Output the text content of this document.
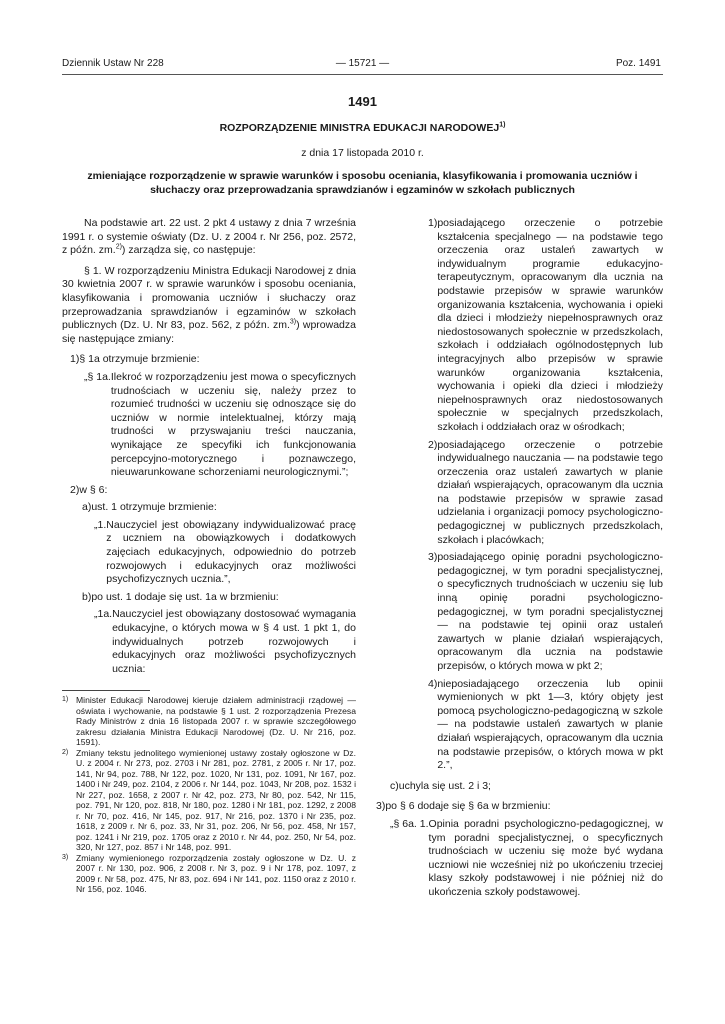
Dziennik Ustaw Nr 228	— 15721 —	Poz. 1491
1491
ROZPORZĄDZENIE MINISTRA EDUKACJI NARODOWEJ$^{1)}$
z dnia 17 listopada 2010 r.
zmieniające rozporządzenie w sprawie warunków i sposobu oceniania, klasyfikowania i promowania uczniów i słuchaczy oraz przeprowadzania sprawdzianów i egzaminów w szkołach publicznych

Na podstawie art. 22 ust. 2 pkt 4 ustawy z dnia 7 września 1991 r. o systemie oświaty (Dz. U. z 2004 r. Nr 256, poz. 2572, z późn. zm.$^{2)}$) zarządza się, co następuje:

§ 1. W rozporządzeniu Ministra Edukacji Narodowej z dnia 30 kwietnia 2007 r. w sprawie warunków i sposobu oceniania, klasyfikowania i promowania uczniów i słuchaczy oraz przeprowadzania sprawdzianów i egzaminów w szkołach publicznych (Dz. U. Nr 83, poz. 562, z późn. zm.$^{3)}$) wprowadza się następujące zmiany:

1) § 1a otrzymuje brzmienie:
„§ 1a. Ilekroć w rozporządzeniu jest mowa o specyficznych trudnościach w uczeniu się, należy przez to rozumieć trudności w uczeniu się odnoszące się do uczniów w normie intelektualnej, którzy mają trudności w przyswajaniu treści nauczania, wynikające ze specyfiki ich funkcjonowania percepcyjno-motorycznego i poznawczego, nieuwarunkowane schorzeniami neurologicznymi.”;
2) w § 6:
a) ust. 1 otrzymuje brzmienie:
„1. Nauczyciel jest obowiązany indywidualizować pracę z uczniem na obowiązkowych i dodatkowych zajęciach edukacyjnych, odpowiednio do potrzeb rozwojowych i edukacyjnych oraz możliwości psychofizycznych ucznia.”,
b) po ust. 1 dodaje się ust. 1a w brzmieniu:
„1a. Nauczyciel jest obowiązany dostosować wymagania edukacyjne, o których mowa w § 4 ust. 1 pkt 1, do indywidualnych potrzeb rozwojowych i edukacyjnych oraz możliwości psychofizycznych ucznia:
1) Minister Edukacji Narodowej kieruje działem administracji rządowej — oświata i wychowanie, na podstawie § 1 ust. 2 rozporządzenia Prezesa Rady Ministrów z dnia 16 listopada 2007 r. w sprawie szczegółowego zakresu działania Ministra Edukacji Narodowej (Dz. U. Nr 216, poz. 1591).
2) Zmiany tekstu jednolitego wymienionej ustawy zostały ogłoszone w Dz. U. z 2004 r. Nr 273, poz. 2703 i Nr 281, poz. 2781, z 2005 r. Nr 17, poz. 141, Nr 94, poz. 788, Nr 122, poz. 1020, Nr 131, poz. 1091, Nr 167, poz. 1400 i Nr 249, poz. 2104, z 2006 r. Nr 144, poz. 1043, Nr 208, poz. 1532 i Nr 227, poz. 1658, z 2007 r. Nr 42, poz. 273, Nr 80, poz. 542, Nr 115, poz. 791, Nr 120, poz. 818, Nr 180, poz. 1280 i Nr 181, poz. 1292, z 2008 r. Nr 70, poz. 416, Nr 145, poz. 917, Nr 216, poz. 1370 i Nr 235, poz. 1618, z 2009 r. Nr 6, poz. 33, Nr 31, poz. 206, Nr 56, poz. 458, Nr 157, poz. 1241 i Nr 219, poz. 1705 oraz z 2010 r. Nr 44, poz. 250, Nr 54, poz. 320, Nr 127, poz. 857 i Nr 148, poz. 991.
3) Zmiany wymienionego rozporządzenia zostały ogłoszone w Dz. U. z 2007 r. Nr 130, poz. 906, z 2008 r. Nr 3, poz. 9 i Nr 178, poz. 1097, z 2009 r. Nr 58, poz. 475, Nr 83, poz. 694 i Nr 141, poz. 1150 oraz z 2010 r. Nr 156, poz. 1046.
1) posiadającego orzeczenie o potrzebie kształcenia specjalnego — na podstawie tego orzeczenia oraz ustaleń zawartych w indywidualnym programie edukacyjno-terapeutycznym, opracowanym dla ucznia na podstawie przepisów w sprawie warunków organizowania kształcenia, wychowania i opieki dla dzieci i młodzieży niepełnosprawnych oraz niedostosowanych społecznie w przedszkolach, szkołach i oddziałach ogólnodostępnych lub integracyjnych albo przepisów w sprawie warunków organizowania kształcenia, wychowania i opieki dla dzieci i młodzieży niepełnosprawnych oraz niedostosowanych społecznie w specjalnych przedszkolach, szkołach i oddziałach oraz w ośrodkach;
2) posiadającego orzeczenie o potrzebie indywidualnego nauczania — na podstawie tego orzeczenia oraz ustaleń zawartych w planie działań wspierających, opracowanym dla ucznia na podstawie przepisów w sprawie zasad udzielania i organizacji pomocy psychologiczno-pedagogicznej w publicznych przedszkolach, szkołach i placówkach;
3) posiadającego opinię poradni psychologiczno-pedagogicznej, w tym poradni specjalistycznej, o specyficznych trudnościach w uczeniu się lub inną opinię poradni psychologiczno-pedagogicznej, w tym poradni specjalistycznej — na podstawie tej opinii oraz ustaleń zawartych w planie działań wspierających, opracowanym dla ucznia na podstawie przepisów, o których mowa w pkt 2;
4) nieposiadającego orzeczenia lub opinii wymienionych w pkt 1—3, który objęty jest pomocą psychologiczno-pedagogiczną w szkole — na podstawie ustaleń zawartych w planie działań wspierających, opracowanym dla ucznia na podstawie przepisów, o których mowa w pkt 2.”,
c) uchyla się ust. 2 i 3;
3) po § 6 dodaje się § 6a w brzmieniu:
„§ 6a. 1. Opinia poradni psychologiczno-pedagogicznej, w tym poradni specjalistycznej, o specyficznych trudnościach w uczeniu się może być wydana uczniowi nie wcześniej niż po ukończeniu trzeciej klasy szkoły podstawowej i nie później niż do ukończenia szkoły podstawowej.
